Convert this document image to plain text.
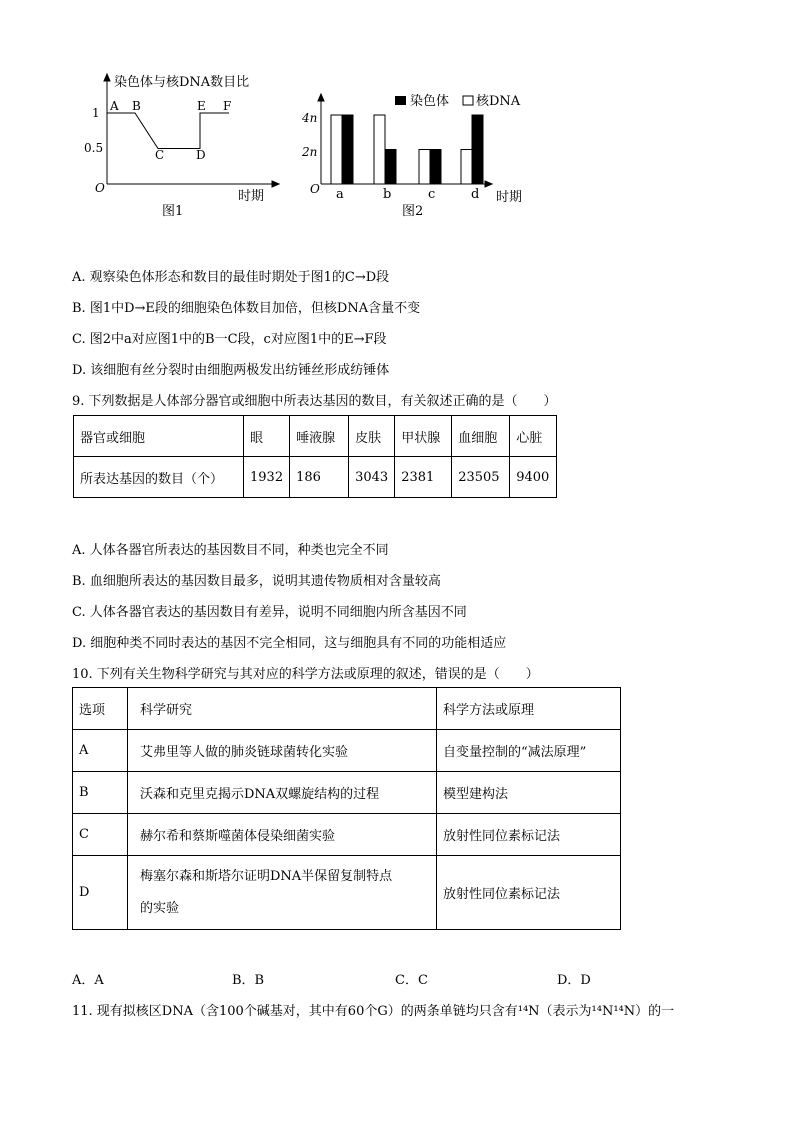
染色体与核DNA数目比
1
0.5
O
时期
A B
C	D
E F
图1
染色体 核DNA
4n
2n
O a	b	c	d 时期
图2
A. 观察染色体形态和数目的最佳时期处于图1的C→D段
B. 图1中D→E段的细胞染色体数目加倍，但核DNA含量不变
C. 图2中a对应图1中的B一C段，c对应图1中的E→F段
D. 该细胞有丝分裂时由细胞两极发出纺锤丝形成纺锤体
9. 下列数据是人体部分器官或细胞中所表达基因的数目，有关叙述正确的是（　　）
器官或细胞	眼	唾液腺	皮肤	甲状腺	血细胞	心脏
所表达基因的数目（个）	1932	186	3043	2381	23505	9400
A. 人体各器官所表达的基因数目不同，种类也完全不同
B. 血细胞所表达的基因数目最多，说明其遗传物质相对含量较高
C. 人体各器官表达的基因数目有差异，说明不同细胞内所含基因不同
D. 细胞种类不同时表达的基因不完全相同，这与细胞具有不同的功能相适应
10. 下列有关生物科学研究与其对应的科学方法或原理的叙述，错误的是（　　）
选项	科学研究	科学方法或原理
A	艾弗里等人做的肺炎链球菌转化实验	自变量控制的“减法原理”
B	沃森和克里克揭示DNA双螺旋结构的过程	模型建构法
C	赫尔希和蔡斯噬菌体侵染细菌实验	放射性同位素标记法
D	梅塞尔森和斯塔尔证明DNA半保留复制特点的实验	放射性同位素标记法
A．A	B．B	C．C	D．D
11. 现有拟核区DNA（含100个碱基对，其中有60个G）的两条单链均只含有¹⁴N（表示为¹⁴N¹⁴N）的一
